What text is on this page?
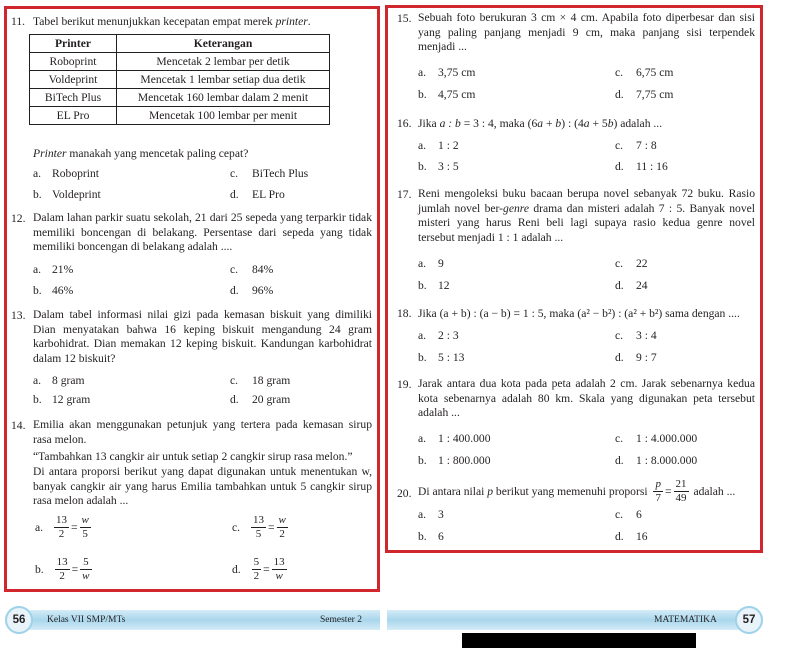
11. Tabel berikut menunjukkan kecepatan empat merek printer.
Printer	Keterangan
Roboprint	Mencetak 2 lembar per detik
Voldeprint	Mencetak 1 lembar setiap dua detik
BiTech Plus	Mencetak 160 lembar dalam 2 menit
EL Pro	Mencetak 100 lembar per menit
Printer manakah yang mencetak paling cepat?
a. Roboprint	c. BiTech Plus
b. Voldeprint	d. EL Pro
12. Dalam lahan parkir suatu sekolah, 21 dari 25 sepeda yang terparkir tidak memiliki boncengan di belakang. Persentase dari sepeda yang tidak memiliki boncengan di belakang adalah ....
a. 21%	c. 84%
b. 46%	d. 96%
13. Dalam tabel informasi nilai gizi pada kemasan biskuit yang dimiliki Dian menyatakan bahwa 16 keping biskuit mengandung 24 gram karbohidrat. Dian memakan 12 keping biskuit. Kandungan karbohidrat dalam 12 biskuit?
a. 8 gram	c. 18 gram
b. 12 gram	d. 20 gram
14. Emilia akan menggunakan petunjuk yang tertera pada kemasan sirup rasa melon.
“Tambahkan 13 cangkir air untuk setiap 2 cangkir sirup rasa melon.”
Di antara proporsi berikut yang dapat digunakan untuk menentukan w, banyak cangkir air yang harus Emilia tambahkan untuk 5 cangkir sirup rasa melon adalah ...
a. $\frac{13}{2} = \frac{w}{5}$	c. $\frac{13}{5} = \frac{w}{2}$
b. $\frac{13}{2} = \frac{5}{w}$	d. $\frac{5}{2} = \frac{13}{w}$
15. Sebuah foto berukuran 3 cm × 4 cm. Apabila foto diperbesar dan sisi yang paling panjang menjadi 9 cm, maka panjang sisi terpendek menjadi ...
a. 3,75 cm	c. 6,75 cm
b. 4,75 cm	d. 7,75 cm
16. Jika a : b = 3 : 4, maka (6a + b) : (4a + 5b) adalah ...
a. 1 : 2	c. 7 : 8
b. 3 : 5	d. 11 : 16
17. Reni mengoleksi buku bacaan berupa novel sebanyak 72 buku. Rasio jumlah novel ber-genre drama dan misteri adalah 7 : 5. Banyak novel misteri yang harus Reni beli lagi supaya rasio kedua genre novel tersebut menjadi 1 : 1 adalah ...
a. 9	c. 22
b. 12	d. 24
18. Jika (a + b) : (a − b) = 1 : 5, maka (a² − b²) : (a² + b²) sama dengan ....
a. 2 : 3	c. 3 : 4
b. 5 : 13	d. 9 : 7
19. Jarak antara dua kota pada peta adalah 2 cm. Jarak sebenarnya kedua kota sebenarnya adalah 80 km. Skala yang digunakan peta tersebut adalah ...
a. 1 : 400.000	c. 1 : 4.000.000
b. 1 : 800.000	d. 1 : 8.000.000
20. Di antara nilai p berikut yang memenuhi proporsi $\frac{p}{7} = \frac{21}{49}$ adalah ...
a. 3	c. 6
b. 6	d. 16
56	Kelas VII SMP/MTs	Semester 2	MATEMATIKA	57
